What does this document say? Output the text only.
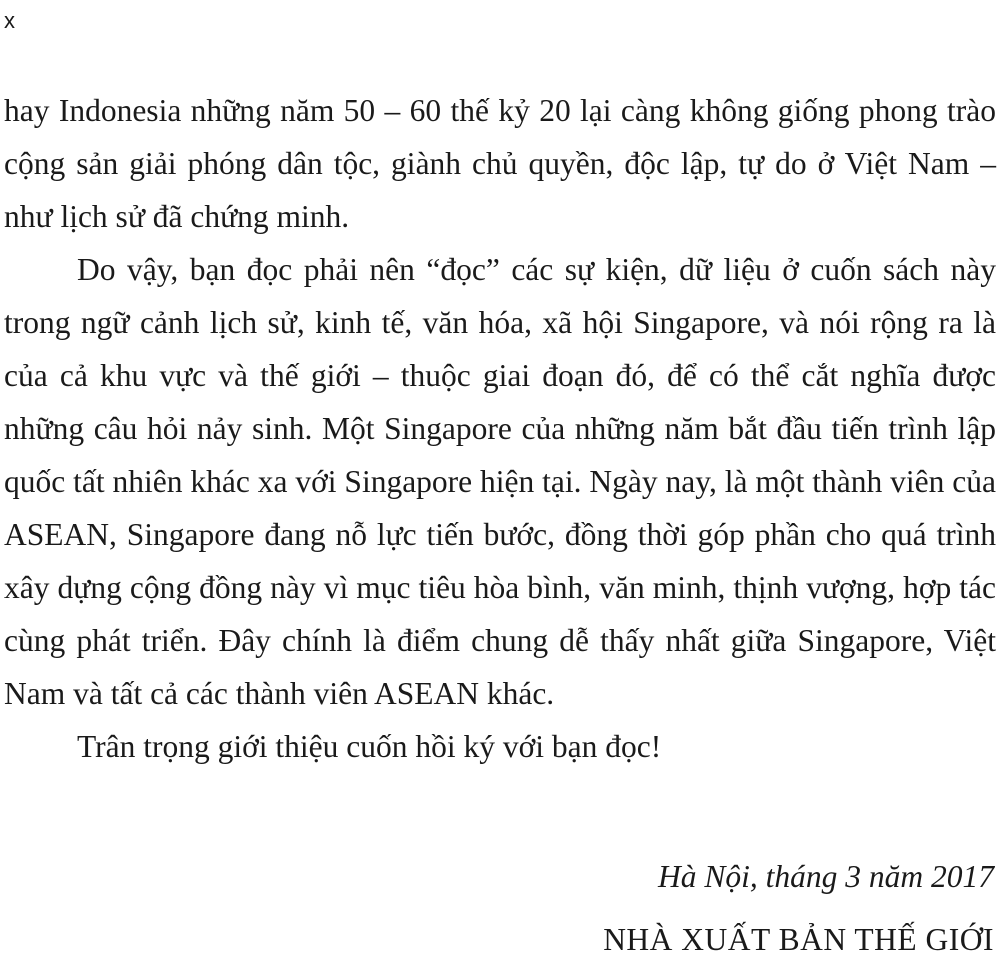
x

hay Indonesia những năm 50 – 60 thế kỷ 20 lại càng không giống phong trào cộng sản giải phóng dân tộc, giành chủ quyền, độc lập, tự do ở Việt Nam – như lịch sử đã chứng minh.

Do vậy, bạn đọc phải nên “đọc” các sự kiện, dữ liệu ở cuốn sách này trong ngữ cảnh lịch sử, kinh tế, văn hóa, xã hội Singapore, và nói rộng ra là của cả khu vực và thế giới – thuộc giai đoạn đó, để có thể cắt nghĩa được những câu hỏi nảy sinh. Một Singapore của những năm bắt đầu tiến trình lập quốc tất nhiên khác xa với Singapore hiện tại. Ngày nay, là một thành viên của ASEAN, Singapore đang nỗ lực tiến bước, đồng thời góp phần cho quá trình xây dựng cộng đồng này vì mục tiêu hòa bình, văn minh, thịnh vượng, hợp tác cùng phát triển. Đây chính là điểm chung dễ thấy nhất giữa Singapore, Việt Nam và tất cả các thành viên ASEAN khác.

Trân trọng giới thiệu cuốn hồi ký với bạn đọc!

Hà Nội, tháng 3 năm 2017
NHÀ XUẤT BẢN THẾ GIỚI
